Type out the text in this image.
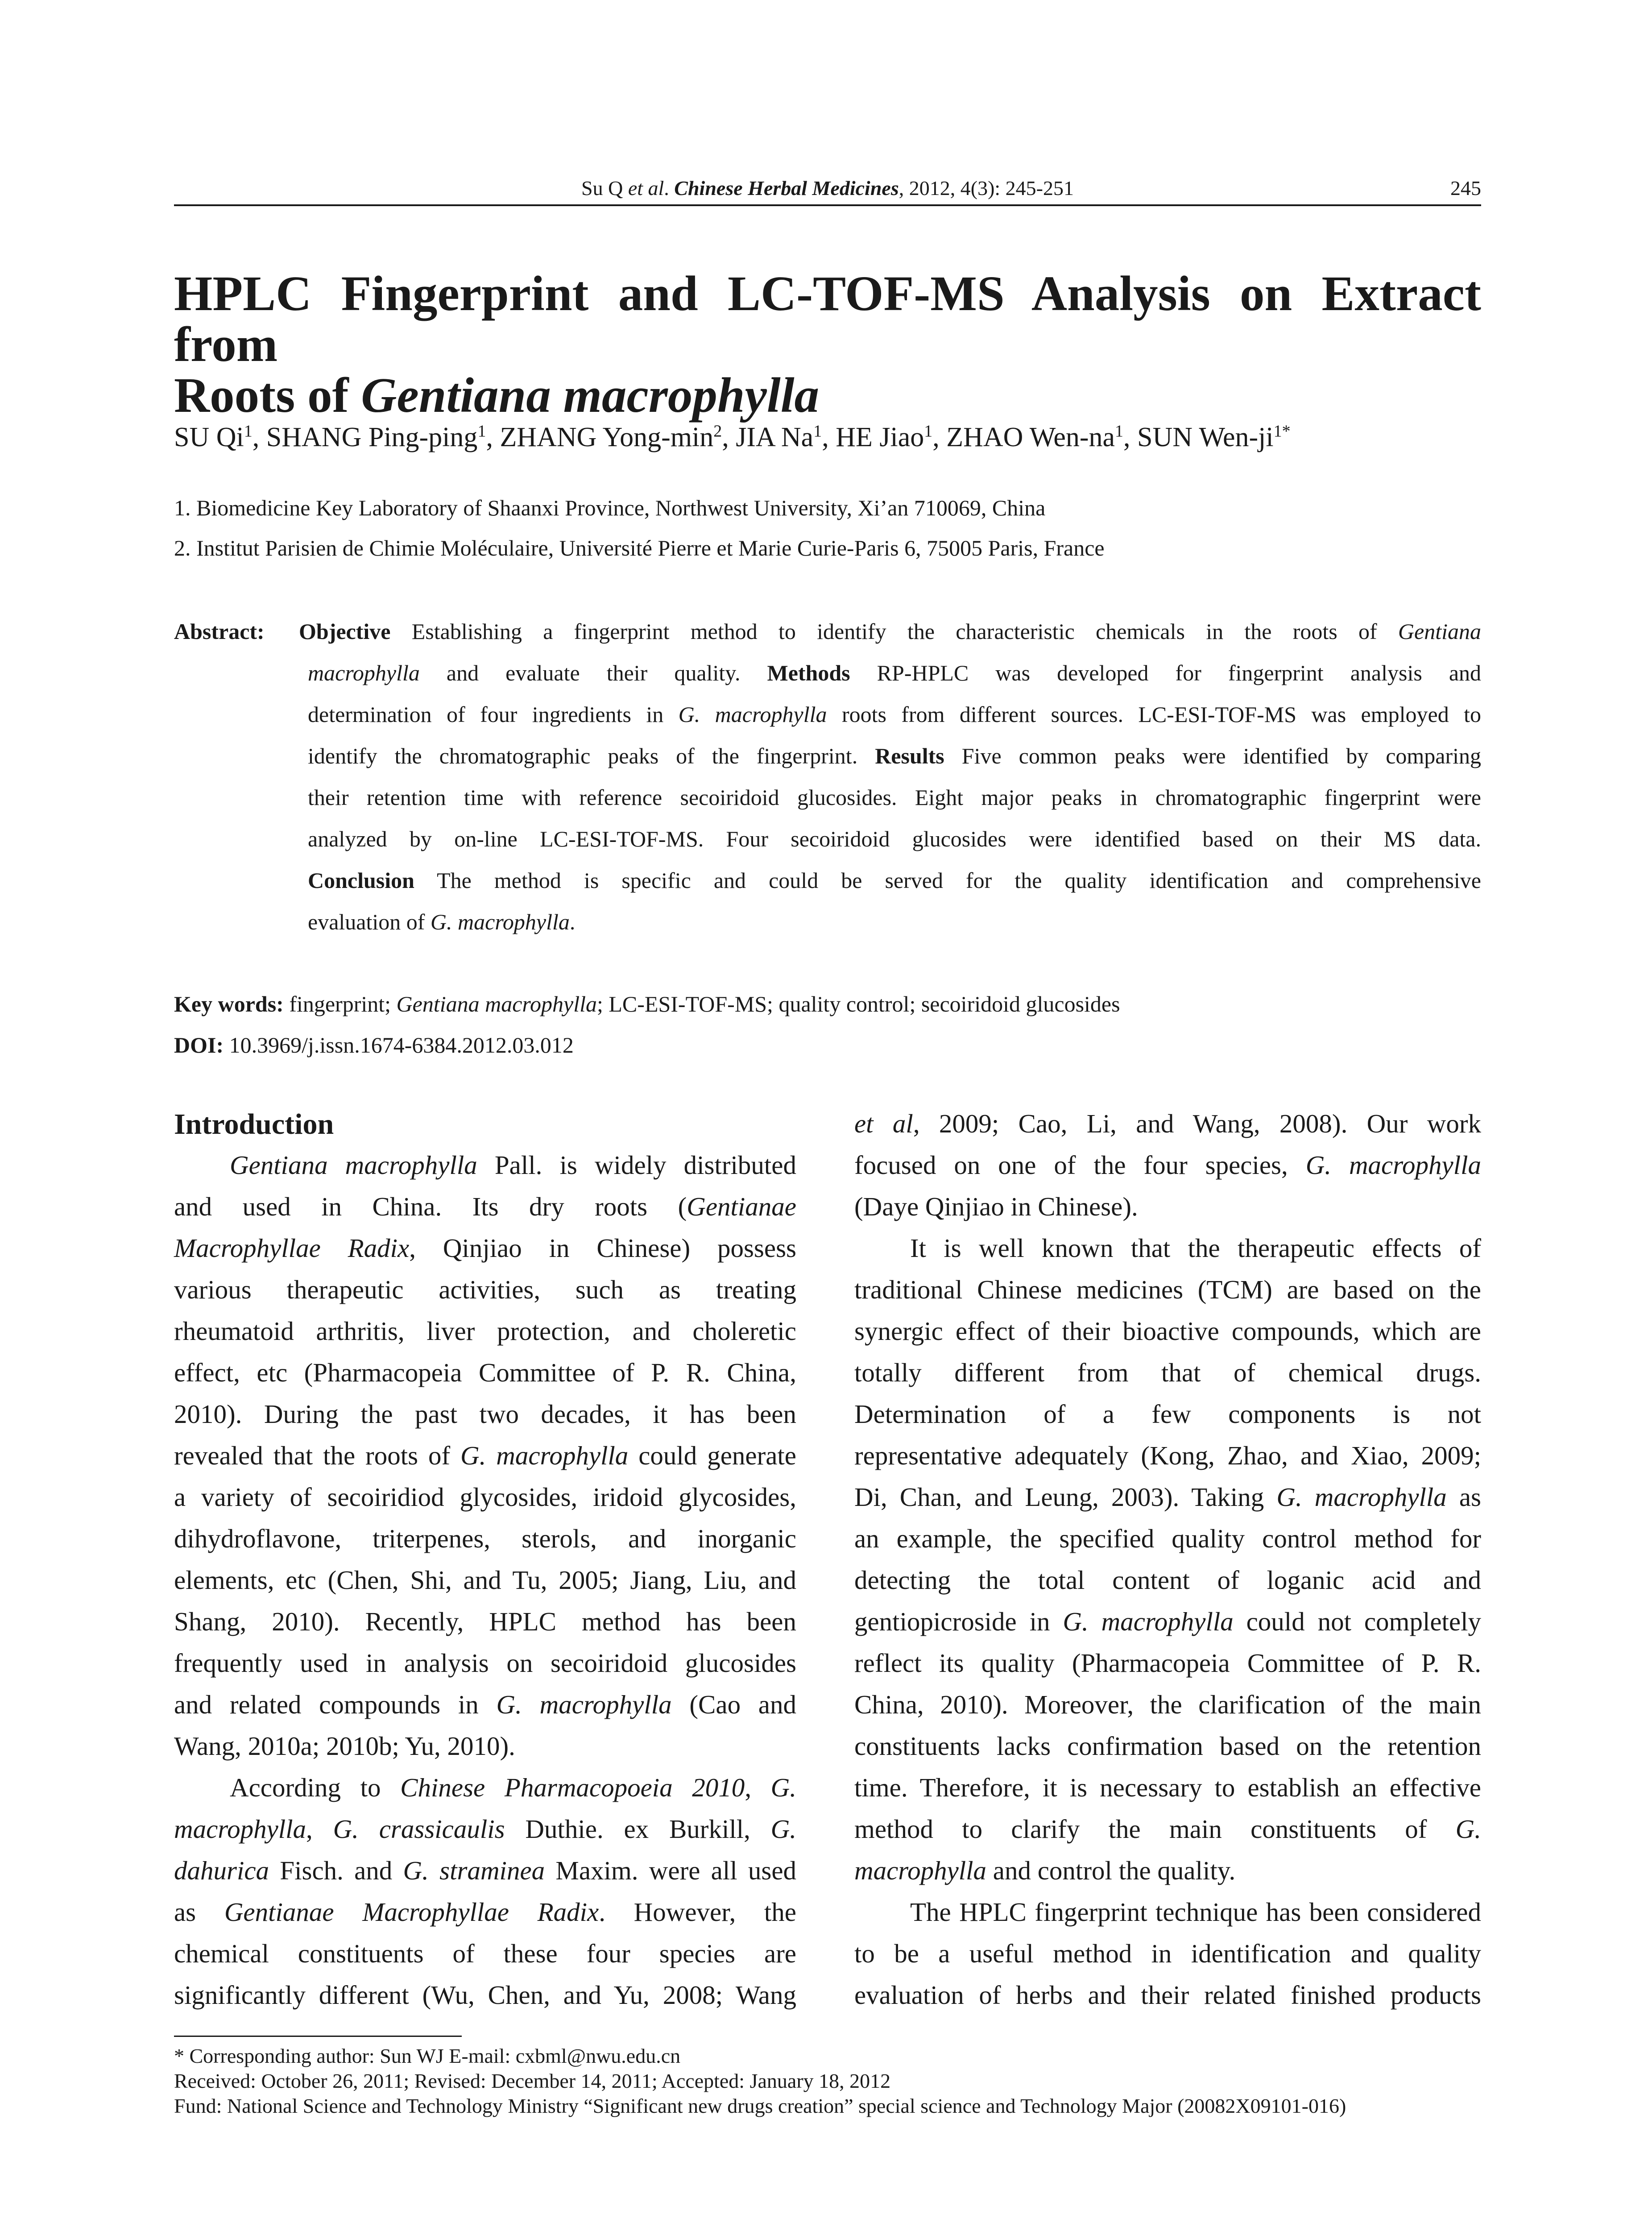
Su Q et al. Chinese Herbal Medicines, 2012, 4(3): 245-251	245
HPLC Fingerprint and LC-TOF-MS Analysis on Extract from
Roots of Gentiana macrophylla
SU Qi$^1$, SHANG Ping-ping$^1$, ZHANG Yong-$\min^2$, JIA Na$^1$, HE Jiao$^1$, ZHAO Wen-$na^1$, SUN Wen-$ji^{1*}$
1. Biomedicine Key Laboratory of Shaanxi Province, Northwest University, Xi’an 710069, China
2. Institut Parisien de Chimie Moléculaire, Université Pierre et Marie Curie-Paris 6, 75005 Paris, France
Abstract: Objective Establishing a fingerprint method to identify the characteristic chemicals in the roots of Gentiana
macrophylla and evaluate their quality. Methods RP-HPLC was developed for fingerprint analysis and
determination of four ingredients in G. macrophylla roots from different sources. LC-ESI-TOF-MS was employed to
identify the chromatographic peaks of the fingerprint. Results Five common peaks were identified by comparing
their retention time with reference secoiridoid glucosides. Eight major peaks in chromatographic fingerprint were
analyzed by on-line LC-ESI-TOF-MS. Four secoiridoid glucosides were identified based on their MS data.
Conclusion The method is specific and could be served for the quality identification and comprehensive
evaluation of G. macrophylla.
Key words: fingerprint; Gentiana macrophylla; LC-ESI-TOF-MS; quality control; secoiridoid glucosides
DOI: 10.3969/j.issn.1674-6384.2012.03.012
Introduction
Gentiana macrophylla Pall. is widely distributed
and used in China. Its dry roots (Gentianae
Macrophyllae Radix, Qinjiao in Chinese) possess
various therapeutic activities, such as treating
rheumatoid arthritis, liver protection, and choleretic
effect, etc (Pharmacopeia Committee of P. R. China,
2010). During the past two decades, it has been
revealed that the roots of G. macrophylla could generate
a variety of secoiridiod glycosides, iridoid glycosides,
dihydroflavone, triterpenes, sterols, and inorganic
elements, etc (Chen, Shi, and Tu, 2005; Jiang, Liu, and
Shang, 2010). Recently, HPLC method has been
frequently used in analysis on secoiridoid glucosides
and related compounds in G. macrophylla (Cao and
Wang, 2010a; 2010b; Yu, 2010).
According to Chinese Pharmacopoeia 2010, G.
macrophylla, G. crassicaulis Duthie. ex Burkill, G.
dahurica Fisch. and G. straminea Maxim. were all used
as Gentianae Macrophyllae Radix. However, the
chemical constituents of these four species are
significantly different (Wu, Chen, and Yu, 2008; Wang
et al, 2009; Cao, Li, and Wang, 2008). Our work
focused on one of the four species, G. macrophylla
(Daye Qinjiao in Chinese).
It is well known that the therapeutic effects of
traditional Chinese medicines (TCM) are based on the
synergic effect of their bioactive compounds, which are
totally different from that of chemical drugs.
Determination of a few components is not
representative adequately (Kong, Zhao, and Xiao, 2009;
Di, Chan, and Leung, 2003). Taking G. macrophylla as
an example, the specified quality control method for
detecting the total content of loganic acid and
gentiopicroside in G. macrophylla could not completely
reflect its quality (Pharmacopeia Committee of P. R.
China, 2010). Moreover, the clarification of the main
constituents lacks confirmation based on the retention
time. Therefore, it is necessary to establish an effective
method to clarify the main constituents of G.
macrophylla and control the quality.
The HPLC fingerprint technique has been considered
to be a useful method in identification and quality
evaluation of herbs and their related finished products
* Corresponding author: Sun WJ E-mail: cxbml@nwu.edu.cn
Received: October 26, 2011; Revised: December 14, 2011; Accepted: January 18, 2012
Fund: National Science and Technology Ministry “Significant new drugs creation” special science and Technology Major (20082X09101-016)
